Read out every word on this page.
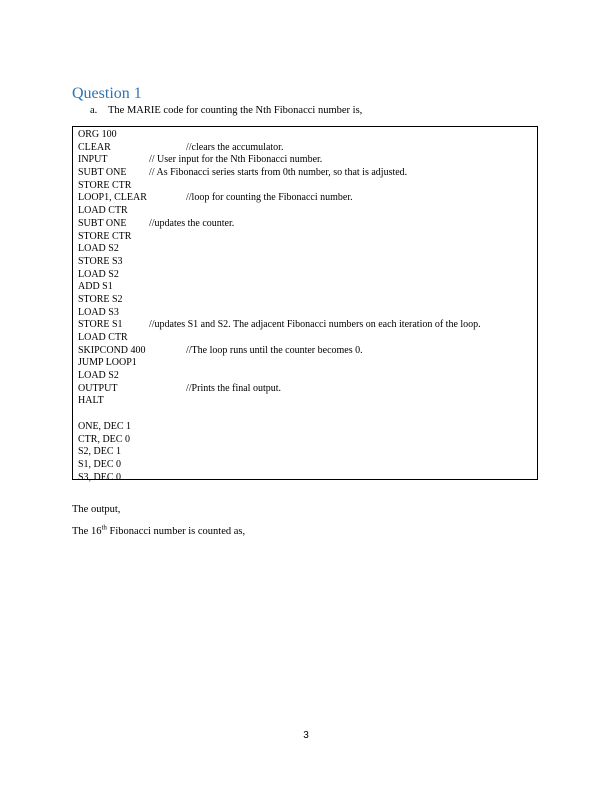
Question 1
a.	The MARIE code for counting the Nth Fibonacci number is,
ORG 100
CLEAR	//clears the accumulator.
INPUT	// User input for the Nth Fibonacci number.
SUBT ONE // As Fibonacci series starts from 0th number, so that is adjusted.
STORE CTR
LOOP1, CLEAR	//loop for counting the Fibonacci number.
LOAD CTR
SUBT ONE //updates the counter.
STORE CTR
LOAD S2
STORE S3
LOAD S2
ADD S1
STORE S2
LOAD S3
STORE S1	//updates S1 and S2. The adjacent Fibonacci numbers on each iteration of the loop.
LOAD CTR
SKIPCOND 400	//The loop runs until the counter becomes 0.
JUMP LOOP1
LOAD S2
OUTPUT	//Prints the final output.
HALT
ONE, DEC 1
CTR, DEC 0
S2, DEC 1
S1, DEC 0
S3, DEC 0

The output,

The 16th Fibonacci number is counted as,

3
